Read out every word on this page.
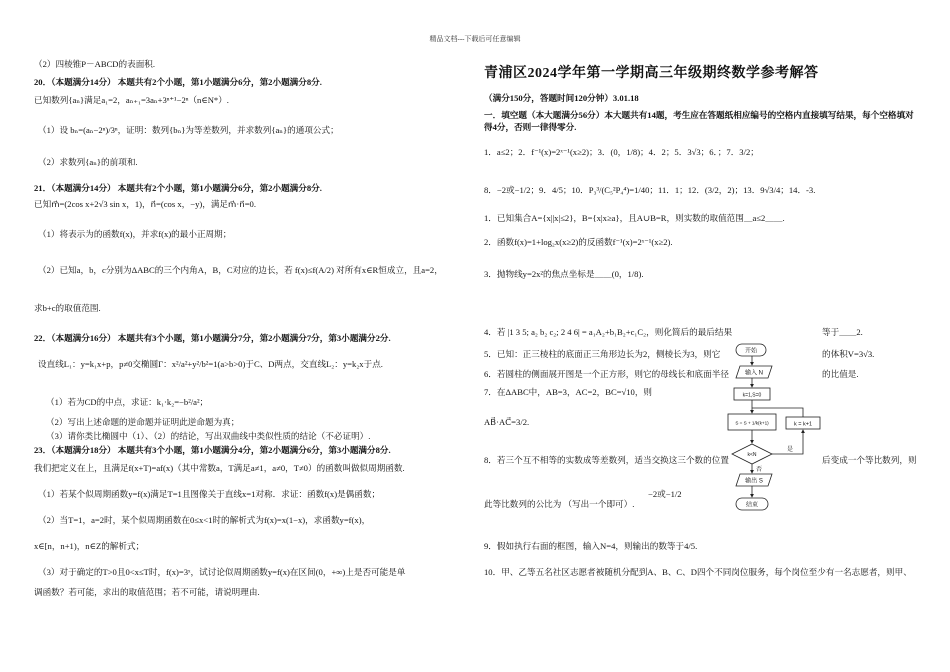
精品文档---下载后可任意编辑
（2）四棱锥P－ABCD的表面积.
20．（本题满分14分） 本题共有2个小题，第1小题满分6分，第2小题满分8分.
已知数列{aₙ}满足a₁=2，aₙ₊₁=3aₙ+3ⁿ⁺¹−2ⁿ（n∈N*）.
（1）设 bₙ=(aₙ−2ⁿ)/3ⁿ，证明：数列{bₙ}为等差数列，并求数列{aₙ}的通项公式；
（2）求数列{aₙ}的前项和.
21．（本题满分14分） 本题共有2个小题，第1小题满分6分，第2小题满分8分.
已知m⃗=(2cos x+2√3 sin x，1)，n⃗=(cos x，−y)，满足m⃗·n⃗=0.
（1）将表示为的函数f(x)，并求f(x)的最小正周期；
（2）已知a，b，c分别为ΔABC的三个内角A，B，C对应的边长，若 f(x)≤f(A/2) 对所有x∈R恒成立，且a=2，
求b+c的取值范围.
22．（本题满分16分） 本题共有3个小题，第1小题满分7分，第2小题满分7分，第3小题满分2分.
设直线L₁：y=k₁x+p，p≠0交椭圆Γ：x²/a²+y²/b²=1(a>b>0)于C、D两点，交直线L₂：y=k₂x于点.
（1）若为CD的中点，求证：k₁·k₂=−b²/a²；
（2）写出上述命题的逆命题并证明此逆命题为真；
（3）请你类比椭圆中（1）、（2）的结论，写出双曲线中类似性质的结论（不必证明）.
23．（本题满分18分） 本题共有3个小题，第1小题满分4分，第2小题满分6分，第3小题满分8分.
我们把定义在上，且满足f(x+T)=af(x)（其中常数a，T满足a≠1，a≠0，T≠0）的函数叫做似周期函数.
（1）若某个似周期函数y=f(x)满足T=1且图像关于直线x=1对称．求证：函数f(x)是偶函数；
（2）当T=1，a=2时，某个似周期函数在0≤x<1时的解析式为f(x)=x(1−x)，求函数y=f(x)，
x∈[n，n+1)，n∈Z的解析式；
（3）对于确定的T>0且0<x≤T时，f(x)=3ˣ，试讨论似周期函数y=f(x)在区间(0，+∞)上是否可能是单
调函数？若可能，求出的取值范围；若不可能，请说明理由.
青浦区2024学年第一学期高三年级期终数学参考解答
（满分150分，答题时间120分钟）3.01.18
一．填空题（本大题满分56分）本大题共有14题，考生应在答题纸相应编号的空格内直接填写结果，每个空格填对
得4分，否则一律得零分.
1．a≤2；2．f⁻¹(x)=2ˣ⁻¹(x≥2)；3．(0，1/8)；4．2；5．3√3；6．；7．3/2；
8．−2或−1/2；9．4/5；10．P₃³/(C₅²P₄⁴)=1/40；11．1；12．(3/2，2)；13．9√3/4；14．-3.
1．已知集合A={x||x|≤2}，B={x|x≥a}，且A∪B=R，则实数的取值范围＿a≤2＿＿.
2．函数f(x)=1+log₂x(x≥2)的反函数f⁻¹(x)=2ˣ⁻¹(x≥2).
3．抛物线y=2x²的焦点坐标是＿＿(0，1/8).
4．若 |1 3 5; a₂ b₂ c₂; 2 4 6| = a₁A₂+b₁B₂+c₁C₂，则化简后的最后结果	等于＿＿2.
5．已知：正三棱柱的底面正三角形边长为2，侧棱长为3，则它	的体积V=3√3.
6．若圆柱的侧面展开图是一个正方形，则它的母线长和底面半径	的比值是.
7．在ΔABC中，AB=3，AC=2，BC=√10，则
AB⃗·AC⃗=3/2.
8．若三个互不相等的实数成等差数列，适当交换这三个数的位置	后变成一个等比数列，则
此等比数列的公比为 （写出一个即可）.
−2或−1/2
9．假如执行右面的框图，输入N=4，则输出的数等于4/5.
10．甲、乙等五名社区志愿者被随机分配到A、B、C、D四个不同岗位服务，每个岗位至少有一名志愿者，则甲、
开始
输入 N
k=1,S=0
S = S + 1/k(k+1)	k = k+1
k<N
是
否
输出 S
结束
